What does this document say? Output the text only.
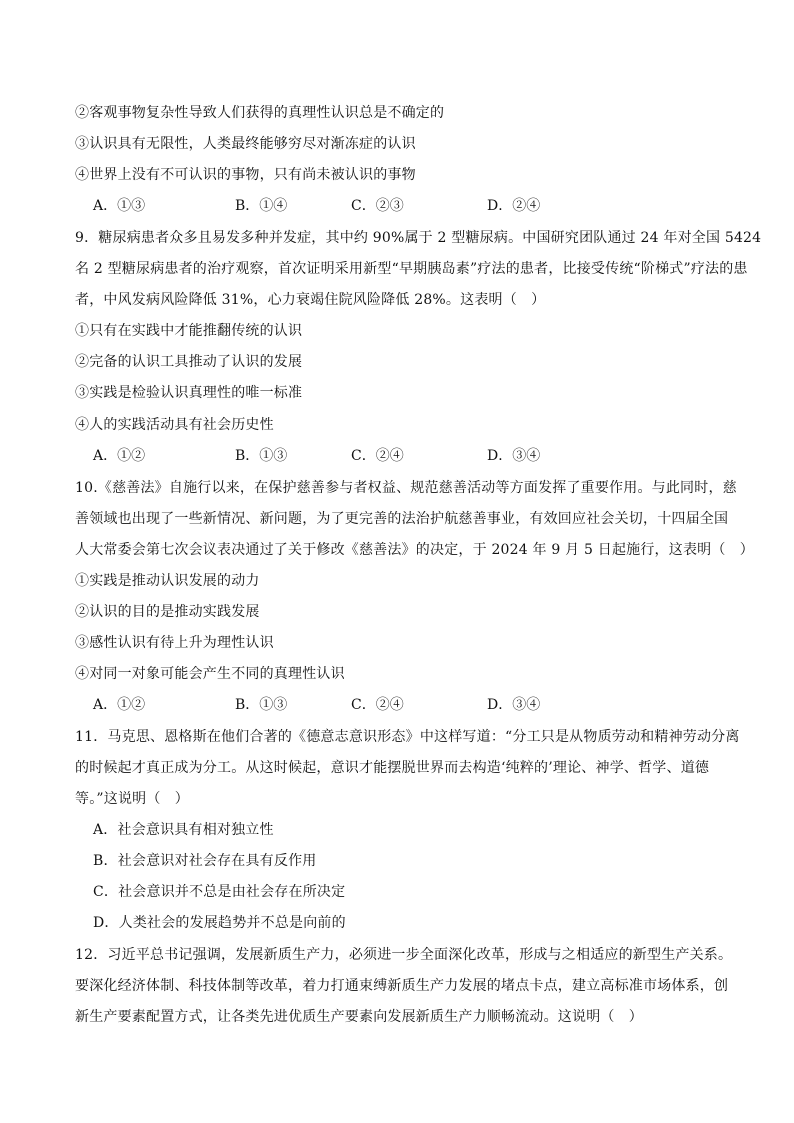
②客观事物复杂性导致人们获得的真理性认识总是不确定的
③认识具有无限性，人类最终能够穷尽对渐冻症的认识
④世界上没有不可认识的事物，只有尚未被认识的事物
A．①③	B．①④	C．②③	D．②④
9．糖尿病患者众多且易发多种并发症，其中约 90%属于 2 型糖尿病。中国研究团队通过 24 年对全国 5424
名 2 型糖尿病患者的治疗观察，首次证明采用新型“早期胰岛素”疗法的患者，比接受传统“阶梯式”疗法的患
者，中风发病风险降低 31%，心力衰竭住院风险降低 28%。这表明（　）
①只有在实践中才能推翻传统的认识
②完备的认识工具推动了认识的发展
③实践是检验认识真理性的唯一标准
④人的实践活动具有社会历史性
A．①②	B．①③	C．②④	D．③④
10.《慈善法》自施行以来，在保护慈善参与者权益、规范慈善活动等方面发挥了重要作用。与此同时，慈
善领域也出现了一些新情况、新问题，为了更完善的法治护航慈善事业，有效回应社会关切，十四届全国
人大常委会第七次会议表决通过了关于修改《慈善法》的决定，于 2024 年 9 月 5 日起施行，这表明（　）
①实践是推动认识发展的动力
②认识的目的是推动实践发展
③感性认识有待上升为理性认识
④对同一对象可能会产生不同的真理性认识
A．①②	B．①③	C．②④	D．③④
11．马克思、恩格斯在他们合著的《德意志意识形态》中这样写道：“分工只是从物质劳动和精神劳动分离
的时候起才真正成为分工。从这时候起，意识才能摆脱世界而去构造‘纯粹的’理论、神学、哲学、道德
等。”这说明（　）
A．社会意识具有相对独立性
B．社会意识对社会存在具有反作用
C．社会意识并不总是由社会存在所决定
D．人类社会的发展趋势并不总是向前的
12．习近平总书记强调，发展新质生产力，必须进一步全面深化改革，形成与之相适应的新型生产关系。
要深化经济体制、科技体制等改革，着力打通束缚新质生产力发展的堵点卡点，建立高标准市场体系，创
新生产要素配置方式，让各类先进优质生产要素向发展新质生产力顺畅流动。这说明（　）
